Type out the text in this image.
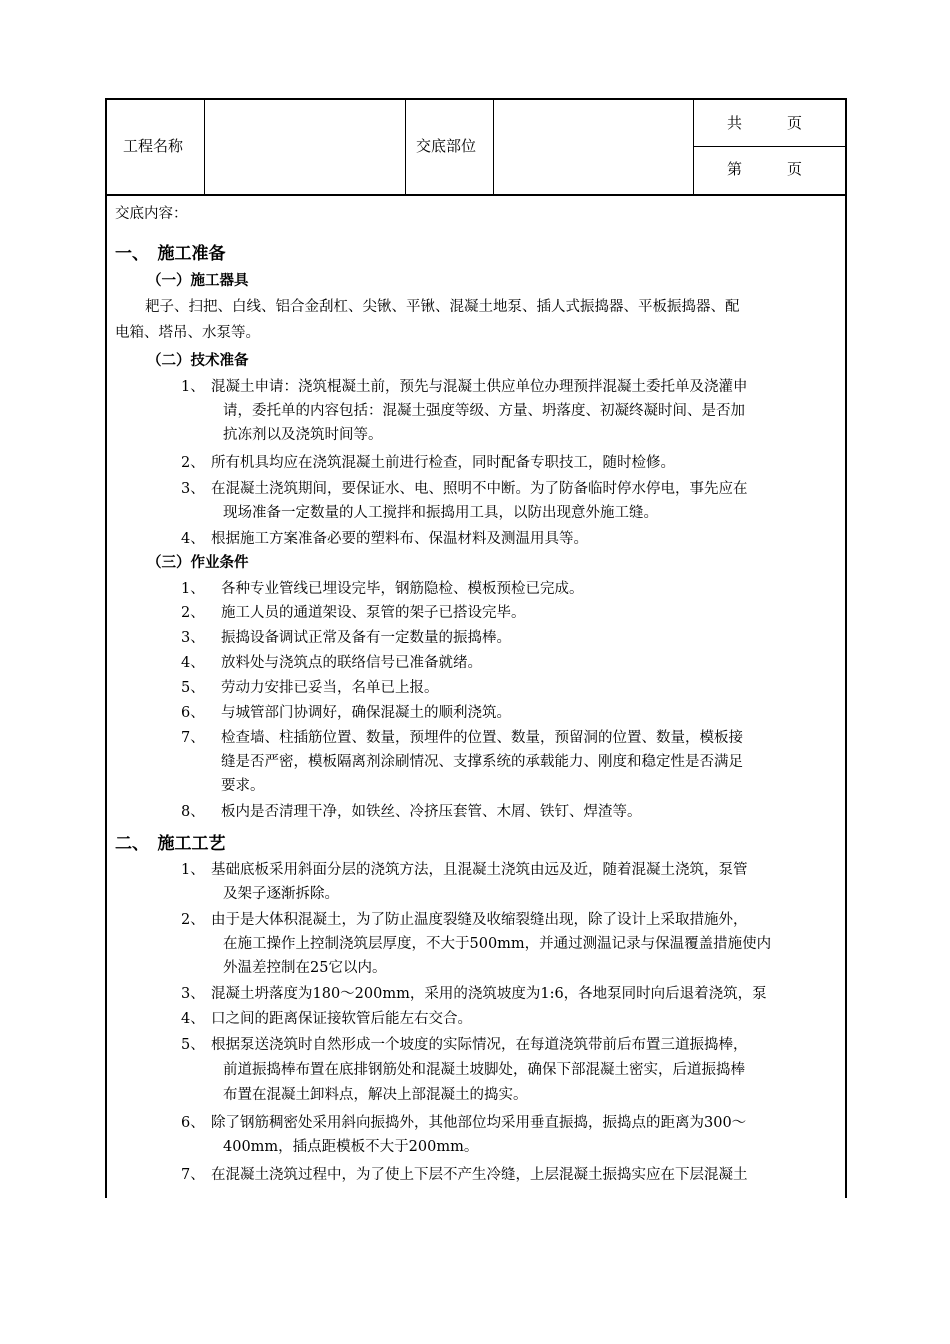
工程名称	交底部位
共　　　页
第　　　页
交底内容：
一、　施工准备
（一）施工器具
耙子、扫把、白线、铝合金刮杠、尖锹、平锹、混凝土地泵、插人式振捣器、平板振捣器、配
电箱、塔吊、水泵等。
（二）技术准备
1、 混凝土申请：浇筑棍凝土前，预先与混凝土供应单位办理预拌混凝土委托单及浇灌申
请，委托单的内容包括：混凝土强度等级、方量、坍落度、初凝终凝时间、是否加
抗冻剂以及浇筑时间等。
2、 所有机具均应在浇筑混凝土前进行检查，同时配备专职技工，随时检修。
3、 在混凝土浇筑期间，要保证水、电、照明不中断。为了防备临时停水停电，事先应在
现场准备一定数量的人工搅拌和振捣用工具，以防出现意外施工缝。
4、 根据施工方案准备必要的塑料布、保温材料及测温用具等。
（三）作业条件
1、 各种专业管线已埋设完毕，钢筋隐检、模板预检已完成。
2、 施工人员的通道架设、泵管的架子已搭设完毕。
3、 振捣设备调试正常及备有一定数量的振捣棒。
4、 放料处与浇筑点的联络信号已准备就绪。
5、 劳动力安排已妥当，名单已上报。
6、 与城管部门协调好，确保混凝土的顺利浇筑。
7、 检查墙、柱插筋位置、数量，预埋件的位置、数量，预留洞的位置、数量，模板接
缝是否严密，模板隔离剂涂刷情况、支撑系统的承载能力、刚度和稳定性是否满足
要求。
8、 板内是否清理干净，如铁丝、冷挤压套管、木屑、铁钉、焊渣等。
二、　施工工艺
1、 基础底板采用斜面分层的浇筑方法，且混凝土浇筑由远及近，随着混凝土浇筑，泵管
及架子逐渐拆除。
2、 由于是大体积混凝土，为了防止温度裂缝及收缩裂缝出现，除了设计上采取措施外，
在施工操作上控制浇筑层厚度，不大于500mm，并通过测温记录与保温覆盖措施使内
外温差控制在25它以内。
3、 混凝土坍落度为180～200mm，采用的浇筑坡度为1:6，各地泵同时向后退着浇筑，泵
4、 口之间的距离保证接软管后能左右交合。
5、 根据泵送浇筑时自然形成一个坡度的实际情况，在每道浇筑带前后布置三道振捣棒，
前道振捣棒布置在底排钢筋处和混凝土坡脚处，确保下部混凝土密实，后道振捣棒
布置在混凝土卸料点，解决上部混凝土的捣实。
6、 除了钢筋稠密处采用斜向振捣外，其他部位均采用垂直振捣，振捣点的距离为300～
400mm，插点距模板不大于200mm。
7、 在混凝土浇筑过程中，为了使上下层不产生冷缝，上层混凝土振捣实应在下层混凝土
